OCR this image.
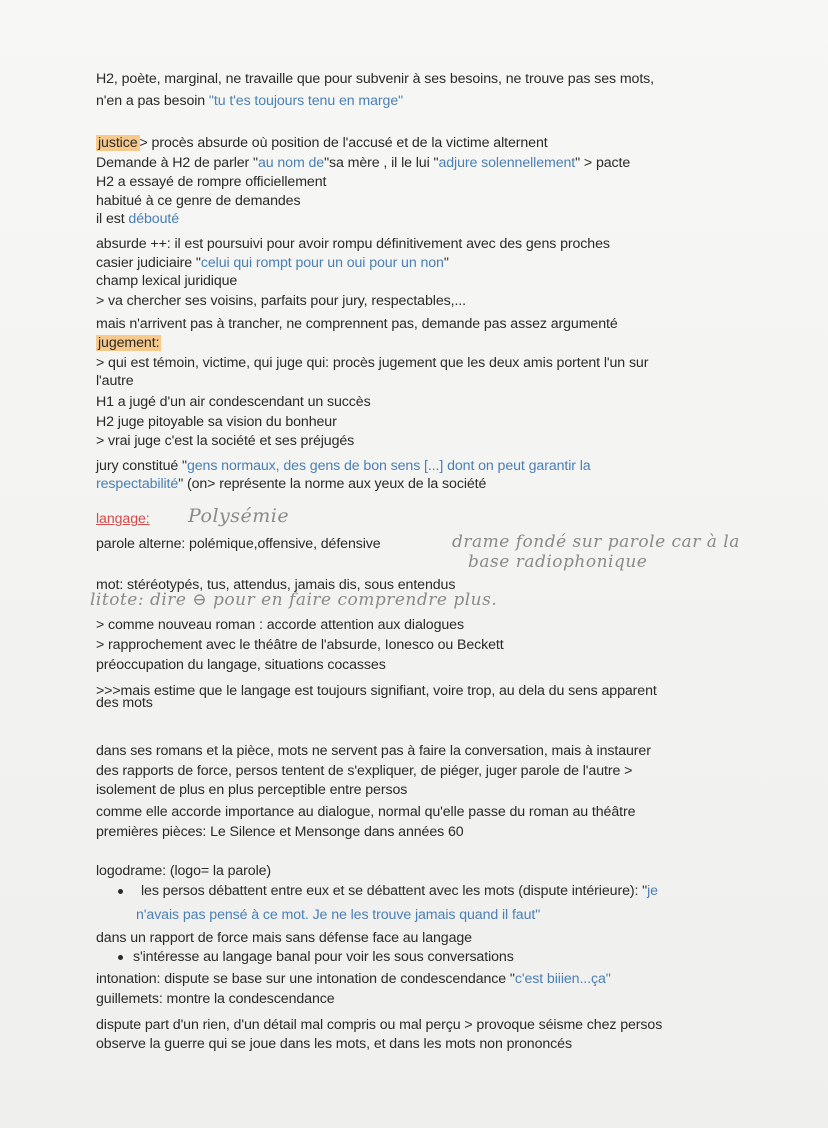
H2, poète, marginal, ne travaille que pour subvenir à ses besoins, ne trouve pas ses mots,
n'en a pas besoin "tu t'es toujours tenu en marge"
justice > procès absurde où position de l'accusé et de la victime alternent
Demande à H2 de parler "au nom de"sa mère , il le lui "adjure solennellement" > pacte
H2 a essayé de rompre officiellement
habitué à ce genre de demandes
il est débouté
absurde ++: il est poursuivi pour avoir rompu définitivement avec des gens proches
casier judiciaire "celui qui rompt pour un oui pour un non"
champ lexical juridique
> va chercher ses voisins, parfaits pour jury, respectables,...
mais n'arrivent pas à trancher, ne comprennent pas, demande pas assez argumenté
jugement:
> qui est témoin, victime, qui juge qui: procès jugement que les deux amis portent l'un sur
l'autre
H1 a jugé d'un air condescendant un succès
H2 juge pitoyable sa vision du bonheur
> vrai juge c'est la société et ses préjugés
jury constitué "gens normaux, des gens de bon sens [...] dont on peut garantir la
respectabilité" (on> représente la norme aux yeux de la société
langage: Polysémie
parole alterne: polémique,offensive, défensive	drame fondé sur parole car à la
base radiophonique
mot: stéréotypés, tus, attendus, jamais dis, sous entendus
litote: dire ⊖ pour en faire comprendre plus.
> comme nouveau roman : accorde attention aux dialogues
> rapprochement avec le théâtre de l'absurde, Ionesco ou Beckett
préoccupation du langage, situations cocasses
>>>mais estime que le langage est toujours signifiant, voire trop, au dela du sens apparent
des mots
dans ses romans et la pièce, mots ne servent pas à faire la conversation, mais à instaurer
des rapports de force, persos tentent de s'expliquer, de piéger, juger parole de l'autre >
isolement de plus en plus perceptible entre persos
comme elle accorde importance au dialogue, normal qu'elle passe du roman au théâtre
premières pièces: Le Silence et Mensonge dans années 60
logodrame: (logo= la parole)
les persos débattent entre eux et se débattent avec les mots (dispute intérieure): "je
n'avais pas pensé à ce mot. Je ne les trouve jamais quand il faut"
dans un rapport de force mais sans défense face au langage
s'intéresse au langage banal pour voir les sous conversations
intonation: dispute se base sur une intonation de condescendance "c'est biiien...ça"
guillemets: montre la condescendance
dispute part d'un rien, d'un détail mal compris ou mal perçu > provoque séisme chez persos
observe la guerre qui se joue dans les mots, et dans les mots non prononcés
